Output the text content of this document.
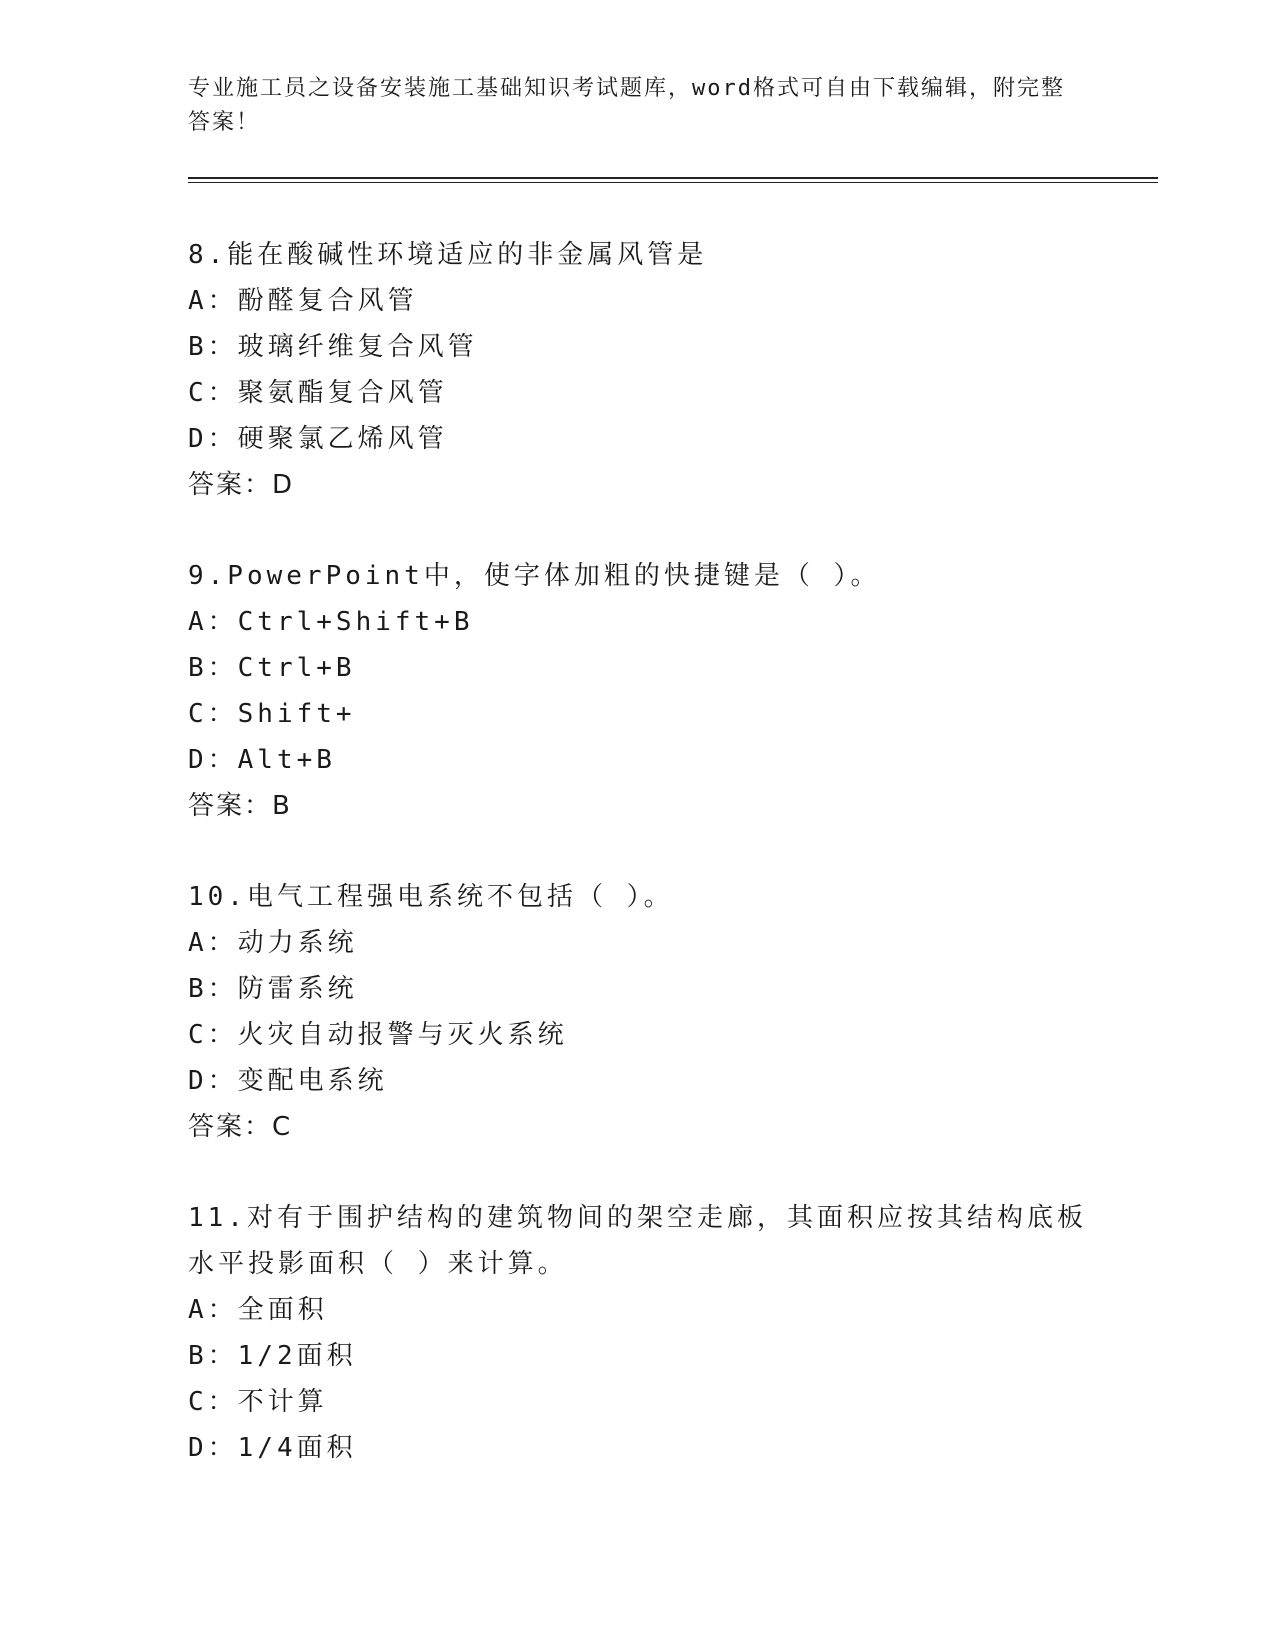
专业施工员之设备安装施工基础知识考试题库，word格式可自由下载编辑，附完整答案！
8.能在酸碱性环境适应的非金属风管是
A：酚醛复合风管
B：玻璃纤维复合风管
C：聚氨酯复合风管
D：硬聚氯乙烯风管
答案：D
9.PowerPoint中，使字体加粗的快捷键是（ ）。
A：Ctrl+Shift+B
B：Ctrl+B
C：Shift+
D：Alt+B
答案：B
10.电气工程强电系统不包括（ ）。
A：动力系统
B：防雷系统
C：火灾自动报警与灭火系统
D：变配电系统
答案：C
11.对有于围护结构的建筑物间的架空走廊，其面积应按其结构底板水平投影面积（ ）来计算。
A：全面积
B：1/2面积
C：不计算
D：1/4面积
